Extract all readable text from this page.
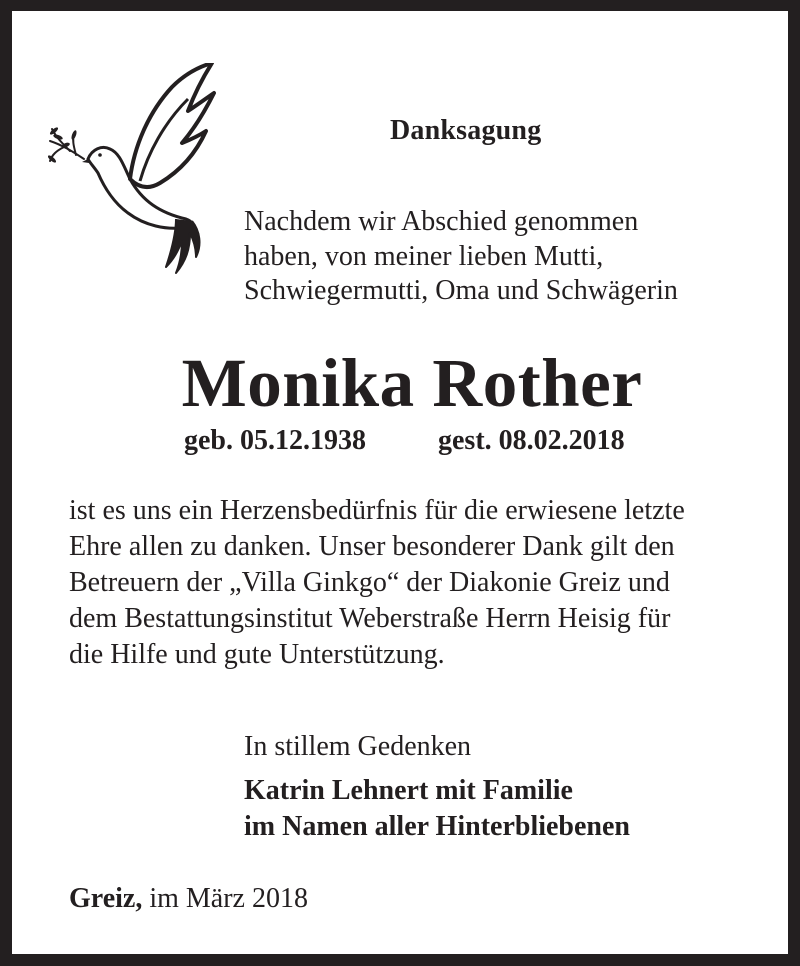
Danksagung
Nachdem wir Abschied genommen
haben, von meiner lieben Mutti,
Schwiegermutti, Oma und Schwägerin
Monika Rother
geb. 05.12.1938	gest. 08.02.2018
ist es uns ein Herzensbedürfnis für die erwiesene letzte
Ehre allen zu danken. Unser besonderer Dank gilt den
Betreuern der „Villa Ginkgo“ der Diakonie Greiz und
dem Bestattungsinstitut Weberstraße Herrn Heisig für
die Hilfe und gute Unterstützung.
In stillem Gedenken
Katrin Lehnert mit Familie
im Namen aller Hinterbliebenen
Greiz, im März 2018
